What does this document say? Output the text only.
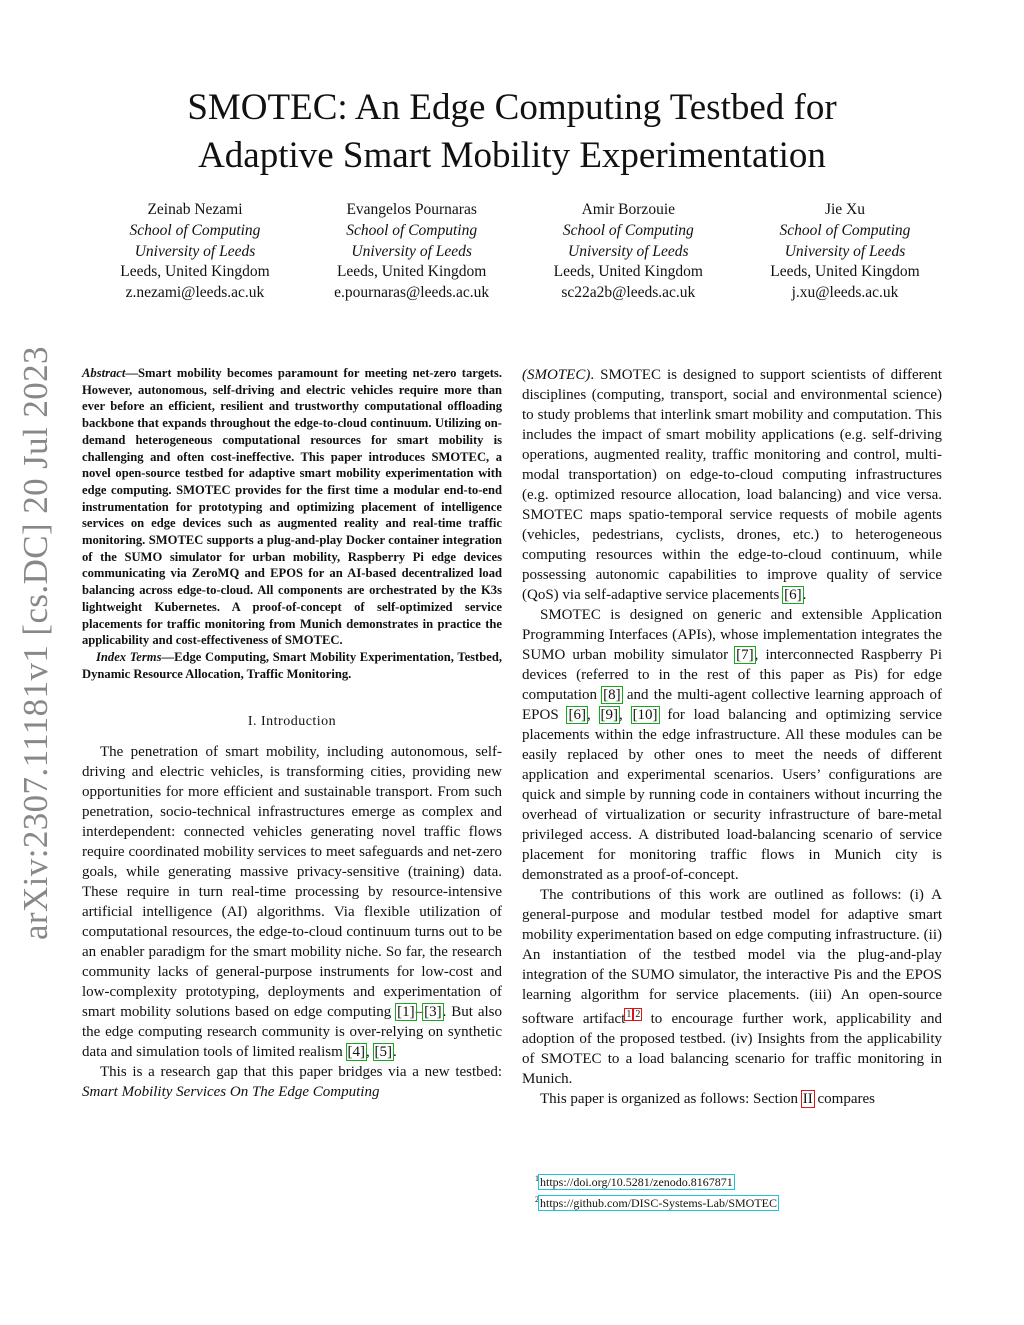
SMOTEC: An Edge Computing Testbed for
Adaptive Smart Mobility Experimentation
Zeinab Nezami
School of Computing
University of Leeds
Leeds, United Kingdom
z.nezami@leeds.ac.uk
Evangelos Pournaras
School of Computing
University of Leeds
Leeds, United Kingdom
e.pournaras@leeds.ac.uk
Amir Borzouie
School of Computing
University of Leeds
Leeds, United Kingdom
sc22a2b@leeds.ac.uk
Jie Xu
School of Computing
University of Leeds
Leeds, United Kingdom
j.xu@leeds.ac.uk
arXiv:2307.11181v1 [cs.DC] 20 Jul 2023 Abstract—Smart mobility becomes paramount for meeting net-zero targets. However, autonomous, self-driving and electric vehicles require more than ever before an efficient, resilient and trustworthy computational offloading backbone that expands throughout the edge-to-cloud continuum. Utilizing on-demand heterogeneous computational resources for smart mobility is challenging and often cost-ineffective. This paper introduces SMOTEC, a novel open-source testbed for adaptive smart mobility experimentation with edge computing. SMOTEC provides for the first time a modular end-to-end instrumentation for prototyping and optimizing placement of intelligence services on edge devices such as augmented reality and real-time traffic monitoring. SMOTEC supports a plug-and-play Docker container integration of the SUMO simulator for urban mobility, Raspberry Pi edge devices communicating via ZeroMQ and EPOS for an AI-based decentralized load balancing across edge-to-cloud. All components are orchestrated by the K3s lightweight Kubernetes. A proof-of-concept of self-optimized service placements for traffic monitoring from Munich demonstrates in practice the applicability and cost-effectiveness of SMOTEC.

Index Terms—Edge Computing, Smart Mobility Experimentation, Testbed, Dynamic Resource Allocation, Traffic Monitoring.

I. Introduction

The penetration of smart mobility, including autonomous, self-driving and electric vehicles, is transforming cities, providing new opportunities for more efficient and sustainable transport. From such penetration, socio-technical infrastructures emerge as complex and interdependent: connected vehicles generating novel traffic flows require coordinated mobility services to meet safeguards and net-zero goals, while generating massive privacy-sensitive (training) data. These require in turn real-time processing by resource-intensive artificial intelligence (AI) algorithms. Via flexible utilization of computational resources, the edge-to-cloud continuum turns out to be an enabler paradigm for the smart mobility niche. So far, the research community lacks of general-purpose instruments for low-cost and low-complexity prototyping, deployments and experimentation of smart mobility solutions based on edge computing [1]–[3]. But also the edge computing research community is over-relying on synthetic data and simulation tools of limited realism [4], [5].

This is a research gap that this paper bridges via a new testbed: Smart Mobility Services On The Edge Computing

(SMOTEC). SMOTEC is designed to support scientists of different disciplines (computing, transport, social and environmental science) to study problems that interlink smart mobility and computation. This includes the impact of smart mobility applications (e.g. self-driving operations, augmented reality, traffic monitoring and control, multi-modal transportation) on edge-to-cloud computing infrastructures (e.g. optimized resource allocation, load balancing) and vice versa. SMOTEC maps spatio-temporal service requests of mobile agents (vehicles, pedestrians, cyclists, drones, etc.) to heterogeneous computing resources within the edge-to-cloud continuum, while possessing autonomic capabilities to improve quality of service (QoS) via self-adaptive service placements [6].

SMOTEC is designed on generic and extensible Application Programming Interfaces (APIs), whose implementation integrates the SUMO urban mobility simulator [7], interconnected Raspberry Pi devices (referred to in the rest of this paper as Pis) for edge computation [8] and the multi-agent collective learning approach of EPOS [6], [9], [10] for load balancing and optimizing service placements within the edge infrastructure. All these modules can be easily replaced by other ones to meet the needs of different application and experimental scenarios. Users’ configurations are quick and simple by running code in containers without incurring the overhead of virtualization or security infrastructure of bare-metal privileged access. A distributed load-balancing scenario of service placement for monitoring traffic flows in Munich city is demonstrated as a proof-of-concept.

The contributions of this work are outlined as follows: (i) A general-purpose and modular testbed model for adaptive smart mobility experimentation based on edge computing infrastructure. (ii) An instantiation of the testbed model via the plug-and-play integration of the SUMO simulator, the interactive Pis and the EPOS learning algorithm for service placements. (iii) An open-source software artifact$^{1,2}$ to encourage further work, applicability and adoption of the proposed testbed. (iv) Insights from the applicability of SMOTEC to a load balancing scenario for traffic monitoring in Munich.

This paper is organized as follows: Section II compares

$^1$https://doi.org/10.5281/zenodo.8167871
$^2$https://github.com/DISC-Systems-Lab/SMOTEC
